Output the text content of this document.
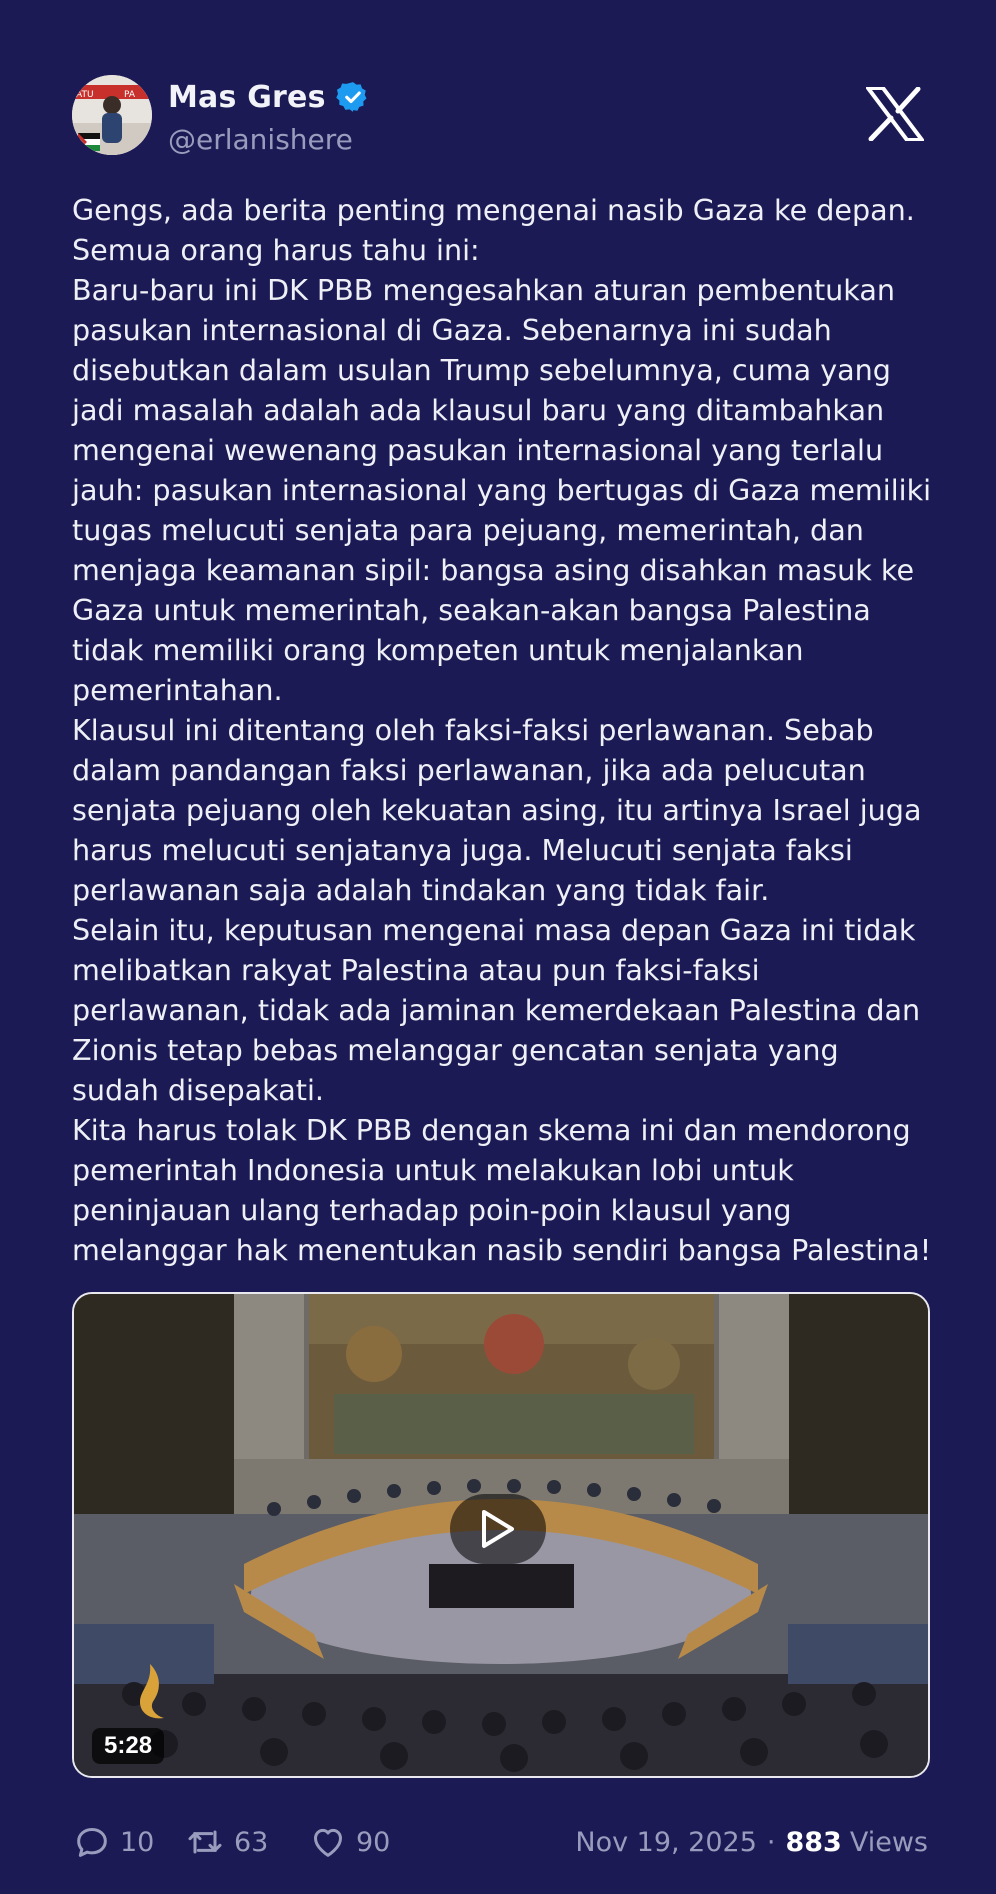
ATU	PA Mas Gres
@erlanishere
Gengs, ada berita penting mengenai nasib Gaza ke depan.
Semua orang harus tahu ini:
Baru-baru ini DK PBB mengesahkan aturan pembentukan pasukan internasional di Gaza. Sebenarnya ini sudah disebutkan dalam usulan Trump sebelumnya, cuma yang jadi masalah adalah ada klausul baru yang ditambahkan mengenai wewenang pasukan internasional yang terlalu jauh: pasukan internasional yang bertugas di Gaza memiliki tugas melucuti senjata para pejuang, memerintah, dan menjaga keamanan sipil: bangsa asing disahkan masuk ke Gaza untuk memerintah, seakan-akan bangsa Palestina tidak memiliki orang kompeten untuk menjalankan pemerintahan.
Klausul ini ditentang oleh faksi-faksi perlawanan. Sebab dalam pandangan faksi perlawanan, jika ada pelucutan senjata pejuang oleh kekuatan asing, itu artinya Israel juga harus melucuti senjatanya juga. Melucuti senjata faksi perlawanan saja adalah tindakan yang tidak fair.
Selain itu, keputusan mengenai masa depan Gaza ini tidak melibatkan rakyat Palestina atau pun faksi-faksi perlawanan, tidak ada jaminan kemerdekaan Palestina dan Zionis tetap bebas melanggar gencatan senjata yang sudah disepakati.
Kita harus tolak DK PBB dengan skema ini dan mendorong pemerintah Indonesia untuk melakukan lobi untuk peninjauan ulang terhadap poin-poin klausul yang melanggar hak menentukan nasib sendiri bangsa Palestina!
5:28
10	63	90	Nov 19, 2025 · 883 Views
